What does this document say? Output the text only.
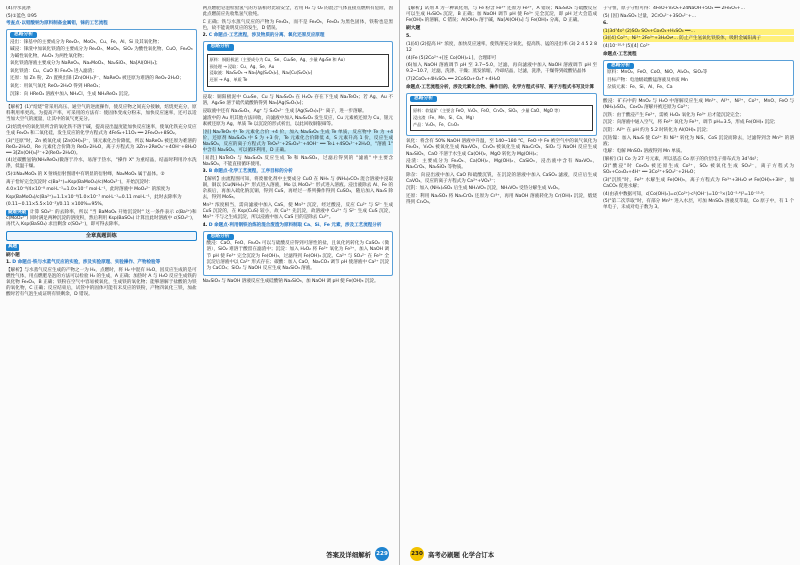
(4)冷水洗涤
(5)①蓝色 ②95
考查点·以钼酸钠为原料制备金属钼，铼的工艺流程
思路分析
浸出：铼基中的主要成分为 Re₂O₇、MoO₃、Cu、Fe、Al、Si 及其氧化物；
碱浸：铼渣中加氧化铁渣的主要成分为 Re₂O₇、MoO₃、SiO₂ 为酸性氧化物、CuO、Fe₂O₃ 为碱性氧化物，Al₂O₃ 为两性氧化物；
氧化铁渣溶液主要成分为 NaReO₄、Na₂MoO₄、Na₂SiO₃、Na[Al(OH)₄]；
氧化铁渣：Cu、CuO 和 Fe₂O₃ 进入滤渣；
还原：加 Zn 粉，Zn 置换出铼 [Zn(OH)₄]²⁻、NaReO₄ 被还原为难溶的 ReO₂·2H₂O；
氧化：用氧气氧化 ReO₂·2H₂O 得到 HReO₄；
沉铼：向 HReO₄ 溶液中加入 NH₄Cl，生成 NH₄ReO₄ 沉淀。
【解析】(1)"焙烧"常采用高压、通空气的逆流操作，使反应物之间充分接触，焙烧更充分，原料利用率更高。为提高产率，可采用的方法有：使固体变成分粉末，加快反应速率，还可以适当加大空气的流量，让其中的氧气更充分。
(2)焙烧中的氧化铁所含的氧化铁不溶于碱，提高浸出温度能加快反应速率，使氧化铁充分反应生成 Fe₂O₃ 和二氧化硅，发生反应的化学方程式为 4FeS₂+11O₂ ══ 2Fe₂O₃+8SO₂。
(3)"还原"时，Zn 被氧化成 [Zn(OH)₄]²⁻，铼元素化合价降低，所以 NaReO₄ 被还原为难溶的 ReO₂·2H₂O，Re 元素化合价降为 ReO₂·2H₂O，离子方程式为 3Zn+2ReO₄⁻+4OH⁻+8H₂O ══ 3[Zn(OH)₄]²⁻+2(ReO₂·2H₂O)。
(4)过碳酸氢钠(NH₄ReO₄)微溶于冷水，易溶于热水，"操作 X" 为重结晶，结晶时利用冷水洗涤，低温干燥。
(5)①Na₂MoO₄ 的 X 射线衍射图谱中有明显的衍射峰，Na₂MoO₄ 属于晶体。②
离子恰好完全沉淀时 c(Ba²⁺)=Ksp(BaMoO₄)/c(MoO₄²⁻)，开始沉淀时：
4.0×10⁻⁸/4×10⁻⁸ mol·L⁻¹=1.0×10⁻⁷ mol·L⁻¹，此时溶液中 MoO₄²⁻ 的浓度为
Ksp(BaMoO₄)/c(Ba²⁺)=1.1×10⁻⁸/1.0×10⁻⁷ mol·L⁻¹=0.11 mol·L⁻¹，此时去除率为
(0.11−0.11×5.5×10⁻²)/0.11 ×100%=95%。
疑难突破 计算 SO₄²⁻ 的去除率，所以 "当 BaMoO₄ 开始沉淀时" 这一条件表示 c(Ba²⁺)和 c(MoO₄²⁻) 同时满足两种沉淀的溶度积，然后利用 Ksp(BaSO₄) 计算出此时溶液中 c(SO₄²⁻)，再代入 Ksp(BaSO₄) 求出剩余 c(SO₄²⁻)，即可得去除率。
全章真题训练
真题
刷小题
1. D 命题点·铁与水蒸气反应的实验，涉及实验原理、实验操作、产物检验等
【解析】与水蒸气反应生成的产物之一为 H₂，点燃时，将 H₂ 中混有 H₂O，因反应生成的是可燃性气体，用点燃肥皂泡的方法可以检验 H₂ 的生成，A 正确；加热时 A 与 H₂O 反应生成铁的氧化物 Fe₃O₄，B 正确；铁粉在空气中容易被氧化，生成铁的氧化物；能够溶解于盐酸的为铁的氧化物，C 正确；反应结束后，试管中的固体可能有未反应的铁粉，产物四氧化三铁，加盐酸时若有气泡生成证明有铁剩余，D 错误。
两点燃肥皂泡检验氢气的方法相对比较安全，若用 H₂ 与 O₂ 的混合气体直接点燃则有危险，因此点燃前应先收集氢气验纯。
C 正确；铁与水蒸气反应的产物为 Fe₃O₄，而不是 Fe₂O₃，Fe₃O₄ 为黑色固体，铁粉也是黑色，故不能说明反应的发生，D 错误。
2. C 命题点·工艺流程，涉及物质的分离、氧化还原反应原理
思路分析
原料：铜阳极泥（主要成分为 Cu、Se、Cu₂Se、Ag、少量 Ag₂Se 和 Au）
预处理 → 浸取：Cu、Ag、Se、Au
浸取液：Na₂S₂O₃ → Na₃[Ag(S₂O₃)₂]、Na₂[Cu(S₂O₃)₂]
还原 → Ag、单质 Te
浸取：铜阳极泥中 Cu₂Se、Cu 与 Na₂S₂O₃ 在 H₂O₂ 存在下生成 Na₂TeO₃；若 Ag、Au 不溶，Ag₂Se 溶于硫代硫酸钠得到 Na₃[Ag(S₂O₃)₂]；
浸取液中还有 Na₂S₂O₃，Ag⁺ 与 S₂O₃²⁻ 生成 [Ag(S₂O₃)₂]³⁻ 离子，进一步溶解。
滤渣中的 Au 用其他方法回收，向滤液中加入 Na₂S₂O₄ 发生反应，Cu 元素被还原为 Cu，银元素被还原为 Ag，单质 Te 以沉淀的形式析出，以此回收铜银碲等。
[因] Na₂TeO₃ 中 Te 元素化合价 +4 价，加入 Na₂S₂O₄ 生成 Te 单质，反应物中 Te 为 +4 价，还原剂 Na₂S₂O₄ 中 S 为 +3 价，Te 元素化合价降低 4，S 元素升高 1 价，反应生成 Na₂SO₄，反应的离子方程式为 TeO₃²⁻+2S₂O₄²⁻+4OH⁻ ══ Te↓+4SO₄²⁻+2H₂O，"溶液 1" 中含有 Na₂SO₄，可以循环利用，D 正确。
[易混] NaTeO₃ 与 Na₂S₂O₄ 反应生成 Te 和 Na₂SO₄，过滤后得到的 "滤液" 中主要含 Na₂SO₄，不能直接循环使用。
3. B 命题点·化学工艺流程，工序目标的分析
【解析】由流程图可知，将废催化剂中主要成分 CuO 在 NH₃ 与 (NH₄)₂CO₃ 混合溶液中浸取铜，铜以 [Cu(NH₃)₄]²⁺ 形式进入溶液，Mo 以 MoO₄²⁻ 形式进入溶液。浸出液除去 Al、Fe 的杂质后，再加入硫化钠沉铜，得到 CuS，再经过一系列操作得到 CuSO₄，随后加入 Na₂S 除去，得到 MoS₃。
Mn²⁺ 浓度相当，需向滤液中加入 CaS，使 Mn²⁺ 沉淀，经过酸浸，反应 Cu²⁺ 与 S²⁻ 生成 CuS 沉淀的，在 Ksp(CuS) 较小，故 Cu²⁺ 先沉淀，故溶液中 Cu²⁺ 与 S²⁻ 生成 CuS 沉淀，Mn²⁺ 不与之生成沉淀，所以浸液中加入 CaS 目的是除去 Cu²⁺。
4. D 命题点·利用钢铁冶炼的混合废渣为原料制取 Ca、Si、Fe 元素，涉及工艺流程分析
思路分析
酸浸：CaO、FeO、Fe₂O₃ 可以与硫酸反应得到可溶性的盐，且氧化钙转化为 CaSO₄（微溶），SiO₂ 难溶于酸留在滤渣中；沉淀：加入 H₂O₂ 将 Fe²⁺ 氧化为 Fe³⁺，加入 NaOH 调节 pH 使 Fe³⁺ 完全沉淀为 Fe(OH)₃，过滤得到 Fe(OH)₃ 沉淀。Ca²⁺ 与 SO₄²⁻ 在 Fe³⁺ 全沉淀后溶液中以 Ca²⁺ 形式存在；碳酸：加入 CaO，Na₂CO₃ 调节 pH 使溶液中 Ca²⁺ 沉淀为 CaCO₃；SiO₂ 与 NaOH 反应生成 Na₂SiO₃ 溶液。
Na₂SiO₃ 与 NaOH 溶液反应生成硅酸钠 Na₂SiO₃，加 NaOH 调 pH 使 Fe(OH)₃ 沉淀。
答案及详细解析 229
【解析】试剂 X 为一种氧化剂，与 Fe 粉含 Fe³⁺ 还原为 Fe²⁺，A 错误；Na₂SiO₃ 与硫酸反应可以生成 H₂SiO₃ 沉淀，B 正确；加 NaOH 调节 pH 使 Fe³⁺ 完全沉淀，即 pH 过大会造成 Fe(OH)₃ 的溶解，C 错误；Al(OH)₃ 溶于碱，Na[Al(OH)₄] 与 Fe(OH)₃ 分离，D 正确。
刷大题
5.
(1)[4] (2)提高 H⁺ 浓度，加快反应速率，使铁溶充分氧化，提高铁、锰的浸出率 (3) 2 4 5 2 8 12
(4)Fe (5)2Co²⁺+[连 Co(OH)₂↓]，合理即可
(6)加入 NaOH 溶液调节 pH 至 3.7~5.0，过滤，再向滤液中加入 NaOH 溶液调节 pH 至 9.2~10.7，过滤，洗涤、干燥；蒸发浓缩，冷却结晶，过滤，洗涤，干燥得到硫酸钴晶体
(7)2CoO₂+4H₂SO₄ ══ 2CoSO₄+O₂↑+4H₂O
命题点·工艺流程分析，涉及元素化合物、操作目的、化学方程式书写、离子方程式书写及计算
思路分析
原料：软锰矿（主要含 FeO、V₂O₅、FeO、Cr₂O₃、SiO₂，少量 CaO、MgO 等）
浸出渣（Fe、Mn、Si、Ca、Mg）
产品：V₂O₅、Fe、Cr₂O₃
氧化：将含有 50% NaOH 溶液中升温，至 140~180 ℃，FeO 中 Fe 被空气中的氧气氧化为 Fe₂O₃，V₂O₅ 被氧化生成 Na₃VO₄，Cr₂O₃ 被氧化生成 Na₂CrO₄，SiO₂ 与 NaOH 反应生成 Na₂SiO₃，CaO 不溶于水生成 Ca(OH)₂，MgO 转化为 Mg(OH)₂；
浸渣：主要成分为 Fe₂O₃、Ca(OH)₂、Mg(OH)₂、CaSiO₃，浸出液中含有 Na₃VO₄、Na₂CrO₄、Na₂SiO₃ 等物质。
除杂：向浸出液中加入 CaO 和硫酸沉钒，在沉淀的溶液中加入 CaSO₄ 滤液，反应后生成 CaVO₄，反应的离子方程式为 Ca²⁺+VO₄³⁻；
沉钒：加入 (NH₄)₂SO₄ 后生成 NH₄VO₃ 沉淀，NH₄VO₃ 受热分解生成 V₂O₅。
还原：利用 Na₂SO₃ 将 Na₂CrO₄ 还原为 Cr³⁺，再用 NaOH 溶液转化为 Cr(OH)₃ 沉淀，煅烧得到 Cr₂O₃。
子守恒，原子守恒可得：4FeO+V₂O₅+24NaOH+5O₂ ══ 2Fe₂O₃+…
(5) [因] Na₂SO₃ 过量，2CrO₄²⁻+3SO₃²⁻+…
6.
(1)3d⁷4s² (2)SO₂ SO₃+Co₃O₄+H₂SO₄ ══…
(3)[4] Co²⁺、Ni²⁺ 2Fe³⁺+3H₂O⇌… 防止产生氢氧化铁胶体，吸附金属阳离子
(4)10⁻¹⁰·⁹ (5)[4] Co²⁺
命题点·工艺流程
思路分析
原料：MnO₂、FeO、CoO、NiO、Al₂O₃、SiO₂等
目标产物：电池级硫酸锰溶液及单质 Mn
杂质元素：Fe、Si、Al、Fe、Ca
酸浸：矿石中的 MnO₂ 与 H₂O 中溶解反应生成 Mn²⁺、Al³⁺、Ni²⁺、Co²⁺，MnO、FeO 与 (NH₄)₂SO₄，Co₃O₄ 溶解并被还原为 Co²⁺；
沉铁：由于酸浸产生 Fe²⁺，需被 H₂O₂ 氧化为 Fe³⁺ 后才能沉淀完全；
沉淀：向溶液中通入空气，将 Fe²⁺ 氧化为 Fe³⁺，调节 pH=3.5，形成 Fe(OH)₃ 沉淀；
沉铝：Al³⁺ 在 pH 约为 5.2 时转化为 Al(OH)₃ 沉淀；
沉钴镍：加入 Na₂S 使 Co²⁺ 和 Ni²⁺ 转化为 NiS、CoS 沉淀而除去，过滤得到含 Mn²⁺ 的溶液；
电解：电解 MnSO₄ 溶液得到 Mn 单质。
[解析] (1) Co 为 27 号元素，所以基态 Co 原子的价层电子排布式为 3d⁷4s²；
(2)"酸浸"时 Co₃O₄ 被还原生成 Co²⁺，SO₂ 被氧化生成 SO₄²⁻，离子方程式为 SO₂+Co₃O₄+4H⁺ ══ 3Co²⁺+SO₄²⁻+2H₂O；
(3)"沉铁"时，Fe³⁺ 水解生成 Fe(OH)₃，离子方程式为 Fe³⁺+3H₂O ⇌ Fe(OH)₃+3H⁺，加 CaCO₃ 促进水解；
(4)由表中数据可知，c[Co(OH)₂]=c(Co²⁺)·c²(OH⁻)=10⁻⁵×(10⁻⁵·⁴)²=10⁻¹⁵·⁸；
(5)"第二次萃取"时，有部分 Mn²⁺ 进入水层，可加 MnSO₄ 溶液反萃取，Co 原子中，有 1 个单电子，未成对电子数为 3。
230 高考必刷题 化学合订本
